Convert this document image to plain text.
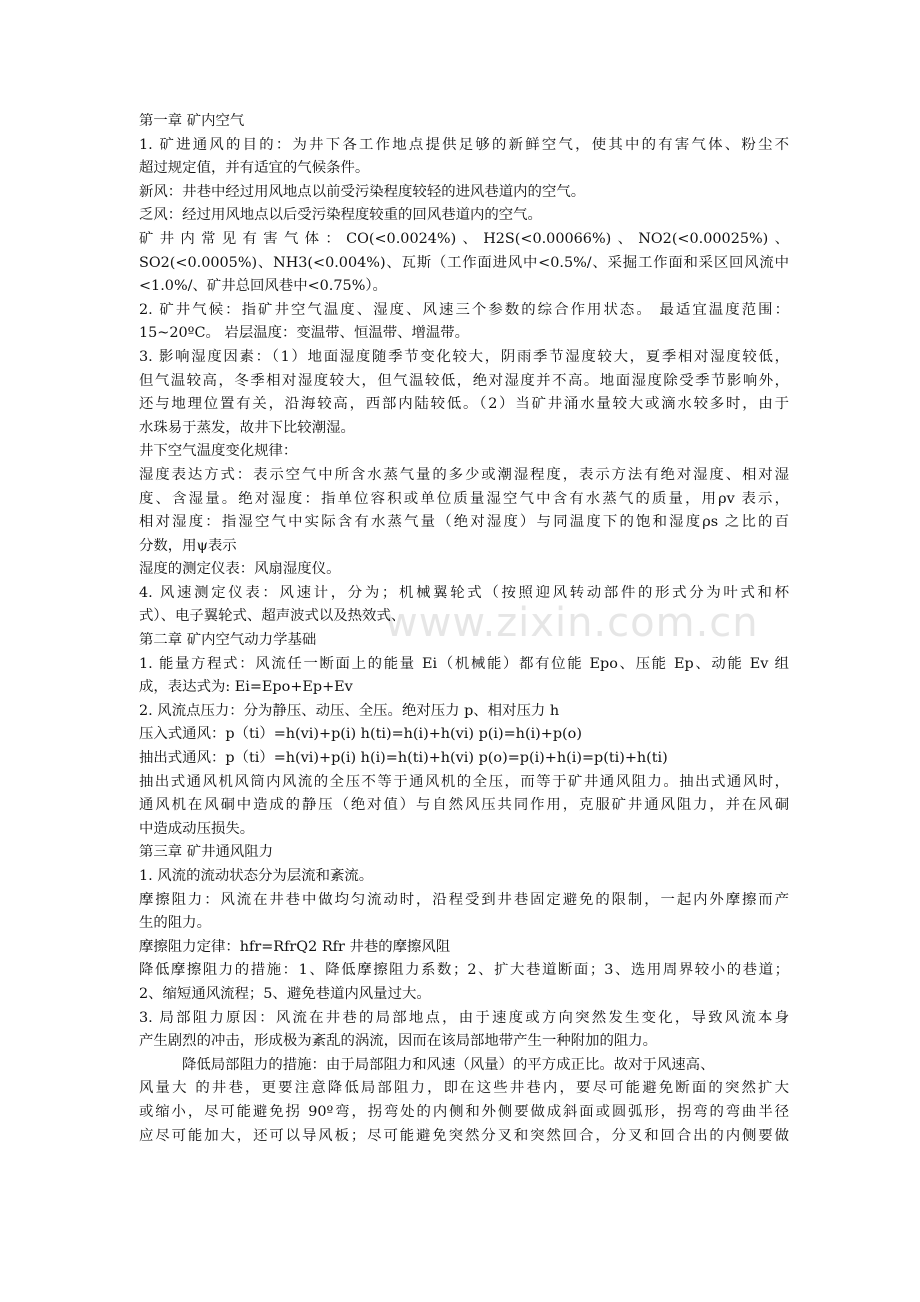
www.zixin.com.cn
第一章 矿内空气
1. 矿进通风的目的：为井下各工作地点提供足够的新鲜空气，使其中的有害气体、粉尘不
超过规定值，并有适宜的气候条件。
新风：井巷中经过用风地点以前受污染程度较轻的进风巷道内的空气。
乏风：经过用风地点以后受污染程度较重的回风巷道内的空气。
矿井内常见有害气体：CO(<0.0024%)、H2S(<0.00066%)、NO2(<0.00025%)、
SO2(<0.0005%)、NH3(<0.004%)、瓦斯（工作面进风中<0.5%/、采掘工作面和采区回风流中
<1.0%/、矿井总回风巷中<0.75%）。
2. 矿井气候：指矿井空气温度、湿度、风速三个参数的综合作用状态。 最适宜温度范围：
15~20ºC。 岩层温度：变温带、恒温带、增温带。
3. 影响湿度因素：（1）地面湿度随季节变化较大，阴雨季节湿度较大，夏季相对湿度较低，
但气温较高，冬季相对湿度较大，但气温较低，绝对湿度并不高。地面湿度除受季节影响外，
还与地理位置有关，沿海较高，西部内陆较低。（2）当矿井涌水量较大或滴水较多时，由于
水珠易于蒸发，故井下比较潮湿。
井下空气温度变化规律：
湿度表达方式：表示空气中所含水蒸气量的多少或潮湿程度，表示方法有绝对湿度、相对湿
度、含湿量。绝对湿度：指单位容积或单位质量湿空气中含有水蒸气的质量，用ρv 表示，
相对湿度：指湿空气中实际含有水蒸气量（绝对湿度）与同温度下的饱和湿度ρs 之比的百
分数，用ψ表示
湿度的测定仪表：风扇湿度仪。
4. 风速测定仪表：风速计，分为；机械翼轮式（按照迎风转动部件的形式分为叶式和杯
式）、电子翼轮式、超声波式以及热效式、
第二章 矿内空气动力学基础
1. 能量方程式：风流任一断面上的能量 Ei（机械能）都有位能 Epo、压能 Ep、动能 Ev 组
成，表达式为: Ei=Epo+Ep+Ev
2. 风流点压力：分为静压、动压、全压。绝对压力 p、相对压力 h
压入式通风：p（ti）=h(vi)+p(i) h(ti)=h(i)+h(vi) p(i)=h(i)+p(o)
抽出式通风：p（ti）=h(vi)+p(i) h(i)=h(ti)+h(vi) p(o)=p(i)+h(i)=p(ti)+h(ti)
抽出式通风机风筒内风流的全压不等于通风机的全压，而等于矿井通风阻力。抽出式通风时，
通风机在风硐中造成的静压（绝对值）与自然风压共同作用，克服矿井通风阻力，并在风硐
中造成动压损失。
第三章 矿井通风阻力
1. 风流的流动状态分为层流和紊流。
摩擦阻力：风流在井巷中做均匀流动时，沿程受到井巷固定避免的限制，一起内外摩擦而产
生的阻力。
摩擦阻力定律：hfr=RfrQ2 Rfr 井巷的摩擦风阻
降低摩擦阻力的措施：1、降低摩擦阻力系数；2、扩大巷道断面；3、选用周界较小的巷道；
2、缩短通风流程；5、避免巷道内风量过大。
3. 局部阻力原因：风流在井巷的局部地点，由于速度或方向突然发生变化，导致风流本身
产生剧烈的冲击，形成极为紊乱的涡流，因而在该局部地带产生一种附加的阻力。
降低局部阻力的措施：由于局部阻力和风速（风量）的平方成正比。故对于风速高、
风量大 的井巷，更要注意降低局部阻力，即在这些井巷内，要尽可能避免断面的突然扩大
或缩小，尽可能避免拐 90º弯，拐弯处的内侧和外侧要做成斜面或圆弧形，拐弯的弯曲半径
应尽可能加大，还可以导风板；尽可能避免突然分叉和突然回合，分叉和回合出的内侧要做
